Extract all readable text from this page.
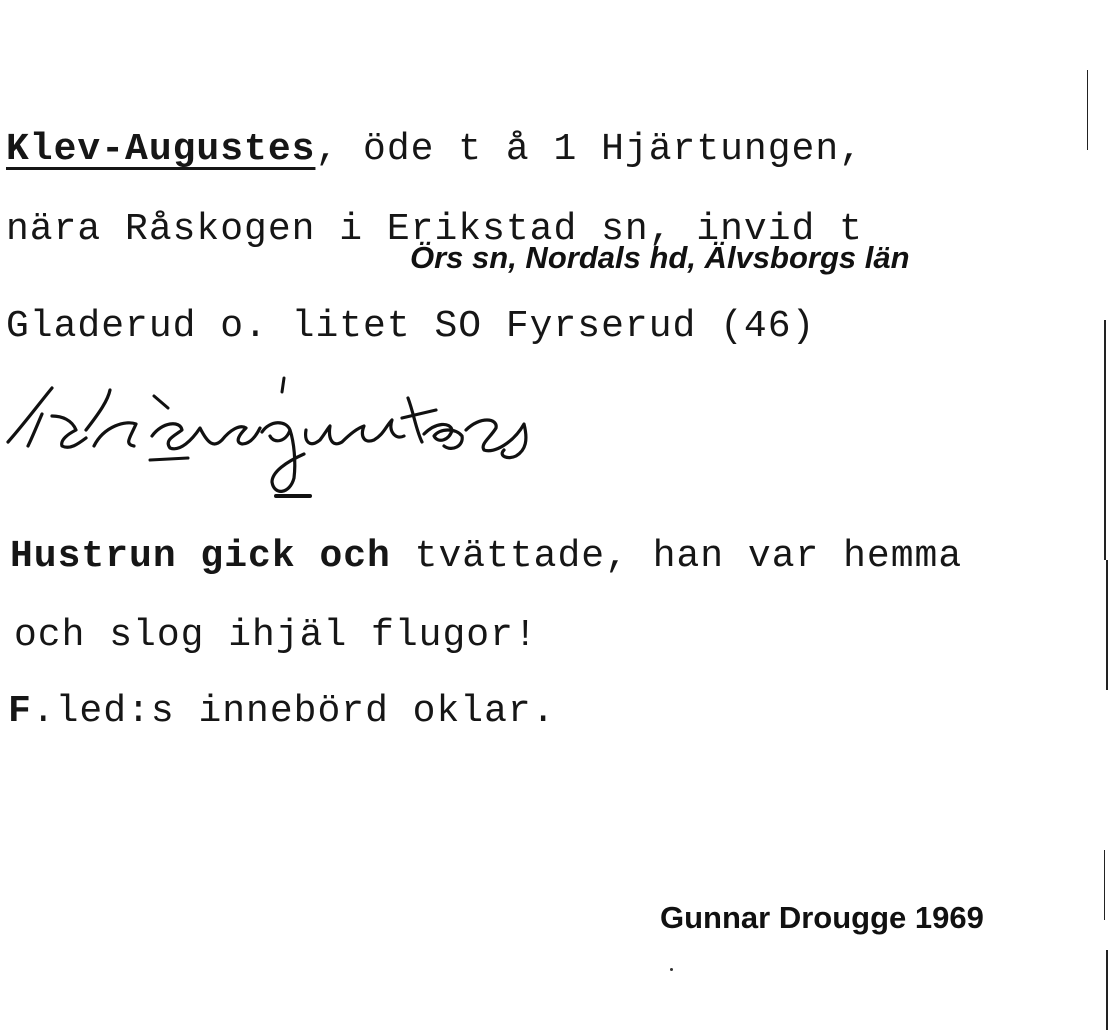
Klev-Augustes, öde t å 1 Hjärtungen,
nära Råskogen i Erikstad sn, invid t
Örs sn, Nordals hd, Älvsborgs län
Gladerud o. litet SO Fyrserud (46)
Hustrun gick och tvättade, han var hemma
och slog ihjäl flugor!
F.led:s innebörd oklar.
Gunnar Drougge 1969
